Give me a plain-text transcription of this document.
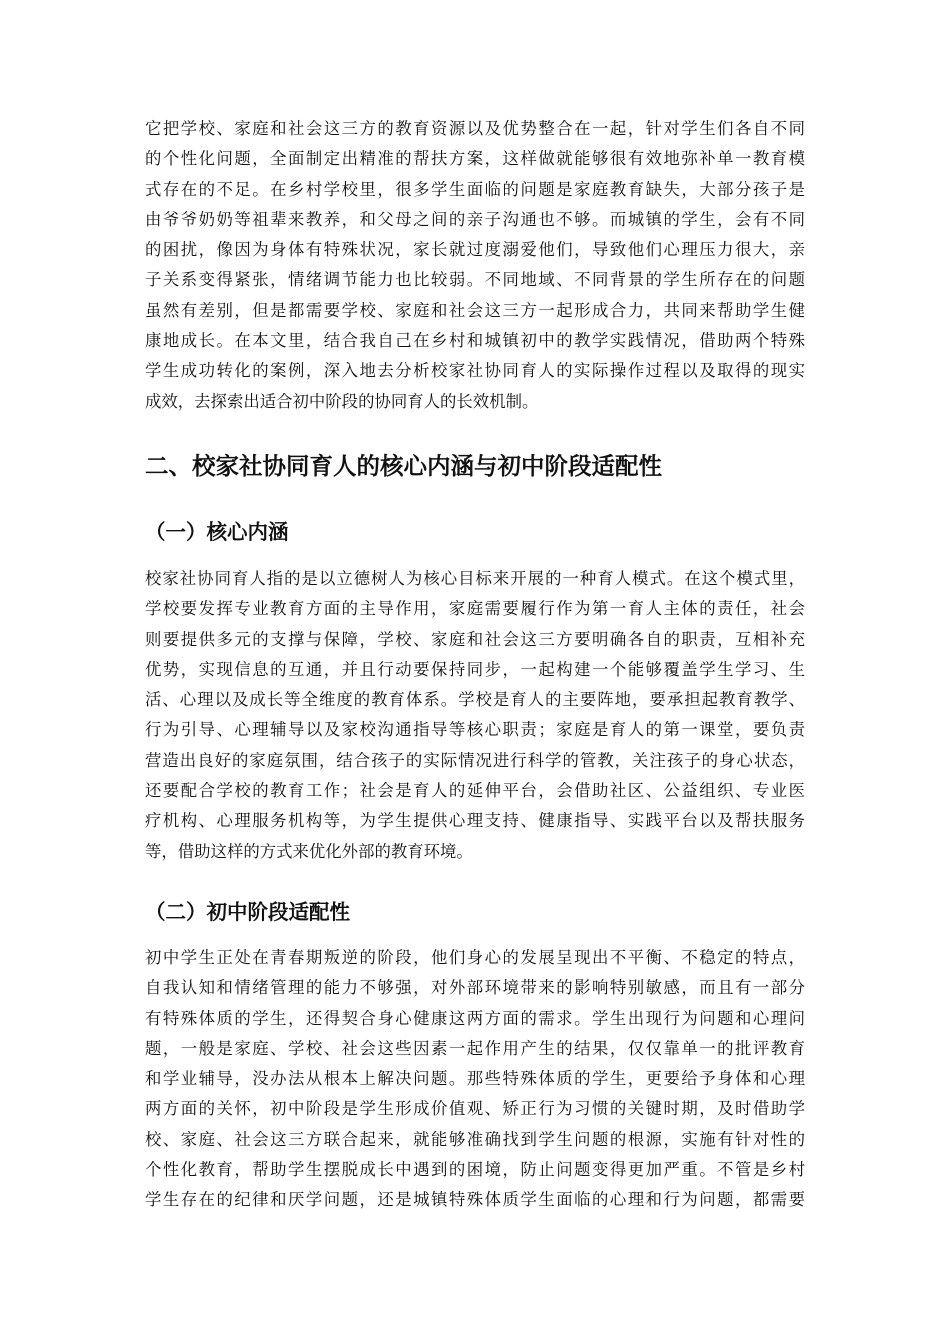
它把学校、家庭和社会这三方的教育资源以及优势整合在一起，针对学生们各自不同
的个性化问题，全面制定出精准的帮扶方案，这样做就能够很有效地弥补单一教育模
式存在的不足。在乡村学校里，很多学生面临的问题是家庭教育缺失，大部分孩子是
由爷爷奶奶等祖辈来教养，和父母之间的亲子沟通也不够。而城镇的学生，会有不同
的困扰，像因为身体有特殊状况，家长就过度溺爱他们，导致他们心理压力很大，亲
子关系变得紧张，情绪调节能力也比较弱。不同地域、不同背景的学生所存在的问题
虽然有差别，但是都需要学校、家庭和社会这三方一起形成合力，共同来帮助学生健
康地成长。在本文里，结合我自己在乡村和城镇初中的教学实践情况，借助两个特殊
学生成功转化的案例，深入地去分析校家社协同育人的实际操作过程以及取得的现实
成效，去探索出适合初中阶段的协同育人的长效机制。
二、校家社协同育人的核心内涵与初中阶段适配性
（一）核心内涵
校家社协同育人指的是以立德树人为核心目标来开展的一种育人模式。在这个模式里，
学校要发挥专业教育方面的主导作用，家庭需要履行作为第一育人主体的责任，社会
则要提供多元的支撑与保障，学校、家庭和社会这三方要明确各自的职责，互相补充
优势，实现信息的互通，并且行动要保持同步，一起构建一个能够覆盖学生学习、生
活、心理以及成长等全维度的教育体系。学校是育人的主要阵地，要承担起教育教学、
行为引导、心理辅导以及家校沟通指导等核心职责；家庭是育人的第一课堂，要负责
营造出良好的家庭氛围，结合孩子的实际情况进行科学的管教，关注孩子的身心状态，
还要配合学校的教育工作；社会是育人的延伸平台，会借助社区、公益组织、专业医
疗机构、心理服务机构等，为学生提供心理支持、健康指导、实践平台以及帮扶服务
等，借助这样的方式来优化外部的教育环境。
（二）初中阶段适配性
初中学生正处在青春期叛逆的阶段，他们身心的发展呈现出不平衡、不稳定的特点，
自我认知和情绪管理的能力不够强，对外部环境带来的影响特别敏感，而且有一部分
有特殊体质的学生，还得契合身心健康这两方面的需求。学生出现行为问题和心理问
题，一般是家庭、学校、社会这些因素一起作用产生的结果，仅仅靠单一的批评教育
和学业辅导，没办法从根本上解决问题。那些特殊体质的学生，更要给予身体和心理
两方面的关怀，初中阶段是学生形成价值观、矫正行为习惯的关键时期，及时借助学
校、家庭、社会这三方联合起来，就能够准确找到学生问题的根源，实施有针对性的
个性化教育，帮助学生摆脱成长中遇到的困境，防止问题变得更加严重。不管是乡村
学生存在的纪律和厌学问题，还是城镇特殊体质学生面临的心理和行为问题，都需要
